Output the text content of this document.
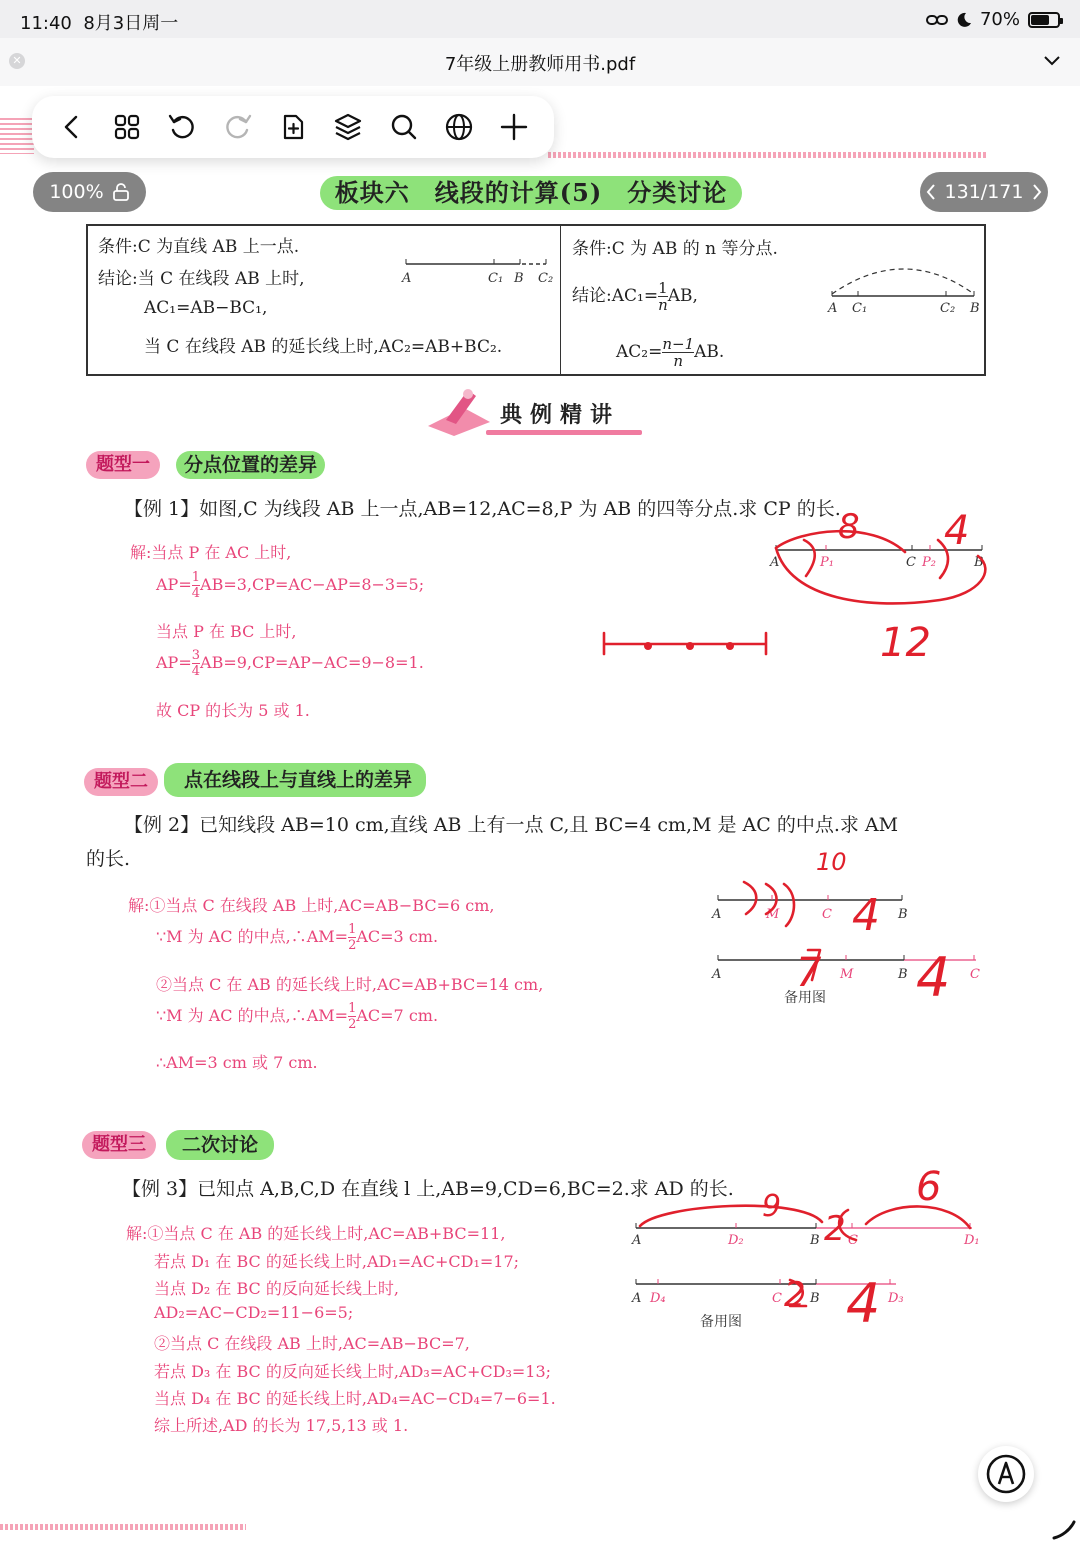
11:40 8月3日周一	70%
✕	7年级上册教师用书.pdf
100%	131/171
板块六　线段的计算(5)　分类讨论
条件:C 为直线 AB 上一点.
结论:当 C 在线段 AB 上时,
AC₁=AB−BC₁,
当 C 在线段 AB 的延长线上时,AC₂=AB+BC₂.
A	C₁ B C₂
条件:C 为 AB 的 n 等分点.
结论:AC₁= $\frac{1}{n}$ AB,
$AC_2= \frac{n-1}{n}$ AB.
A C₁	C₂ B
典例精讲
题型一	分点位置的差异
【例 1】如图,C 为线段 AB 上一点,AB=12,AC=8,P 为 AB 的四等分点.求 CP 的长.
解:当点 P 在 AC 上时,
$AP= \frac{1}{4} AB=3,CP=AC-AP=8-3=5$;
当点 P 在 BC 上时,
$AP= \frac{3}{4} AB=9,CP=AP-AC=9-8=1$.
故 CP 的长为 5 或 1.
A	P₁	C P₂	B
题型二	点在线段上与直线上的差异
【例 2】已知线段 AB=10 cm,直线 AB 上有一点 C,且 BC=4 cm,M 是 AC 的中点.求 AM
的长.
解:①当点 C 在线段 AB 上时,AC=AB−BC=6 cm,
∵M 为 AC 的中点,∴AM= $\frac{1}{2} AC=3$ cm.
②当点 C 在 AB 的延长线上时,AC=AB+BC=14 cm,
∵M 为 AC 的中点,∴AM= $\frac{1}{2} AC=7$ cm.
∴AM=3 cm 或 7 cm.
A	M	C	B
A	M	B	C
备用图
题型三	二次讨论
【例 3】已知点 A,B,C,D 在直线 l 上,AB=9,CD=6,BC=2.求 AD 的长.
解:①当点 C 在 AB 的延长线上时,AC=AB+BC=11,
若点 D₁ 在 BC 的延长线上时,AD₁=AC+CD₁=17;
当点 D₂ 在 BC 的反向延长线上时,
AD₂=AC−CD₂=11−6=5;
②当点 C 在线段 AB 上时,AC=AB−BC=7,
若点 D₃ 在 BC 的反向延长线上时,AD₃=AC+CD₃=13;
当点 D₄ 在 BC 的延长线上时,AD₄=AC−CD₄=7−6=1.
综上所述,AD 的长为 17,5,13 或 1.
A	D₂	B C	D₁
A D₄	C B	D₃
备用图
8 4
12
10
4
7 4
9
2
6
2 4
